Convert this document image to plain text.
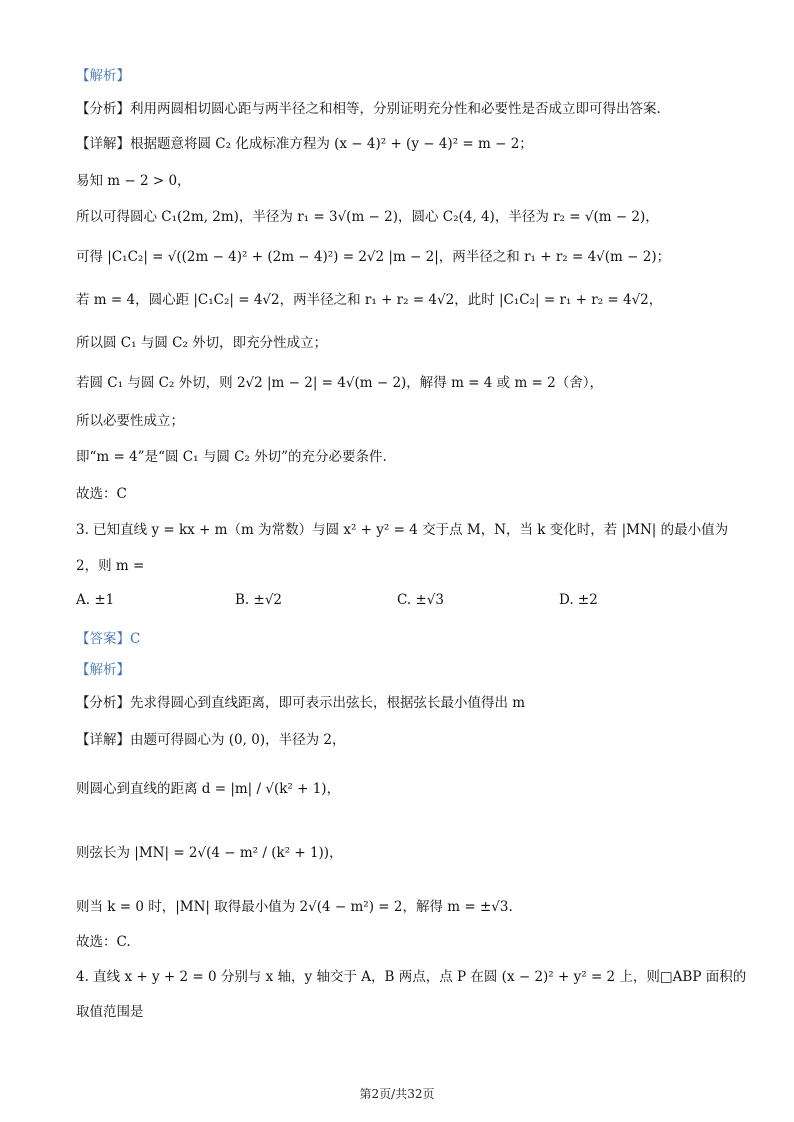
【解析】
【分析】利用两圆相切圆心距与两半径之和相等，分别证明充分性和必要性是否成立即可得出答案.
【详解】根据题意将圆 C₂ 化成标准方程为 (x − 4)² + (y − 4)² = m − 2；
易知 m − 2 > 0，
所以可得圆心 C₁(2m, 2m)，半径为 r₁ = 3√(m − 2)，圆心 C₂(4, 4)，半径为 r₂ = √(m − 2)，
可得 |C₁C₂| = √((2m − 4)² + (2m − 4)²) = 2√2 |m − 2|，两半径之和 r₁ + r₂ = 4√(m − 2)；
若 m = 4，圆心距 |C₁C₂| = 4√2，两半径之和 r₁ + r₂ = 4√2，此时 |C₁C₂| = r₁ + r₂ = 4√2，
所以圆 C₁ 与圆 C₂ 外切，即充分性成立；
若圆 C₁ 与圆 C₂ 外切，则 2√2 |m − 2| = 4√(m − 2)，解得 m = 4 或 m = 2（舍），
所以必要性成立；
即“m = 4”是“圆 C₁ 与圆 C₂ 外切”的充分必要条件.
故选：C
3. 已知直线 y = kx + m（m 为常数）与圆 x² + y² = 4 交于点 M，N，当 k 变化时，若 |MN| 的最小值为
2，则 m =
A. ±1	B. ±√2	C. ±√3	D. ±2
【答案】C
【解析】
【分析】先求得圆心到直线距离，即可表示出弦长，根据弦长最小值得出 m
【详解】由题可得圆心为 (0, 0)，半径为 2，
则圆心到直线的距离 d = |m| / √(k² + 1)，
则弦长为 |MN| = 2√(4 − m² / (k² + 1))，
则当 k = 0 时，|MN| 取得最小值为 2√(4 − m²) = 2，解得 m = ±√3.
故选：C.
4. 直线 x + y + 2 = 0 分别与 x 轴，y 轴交于 A，B 两点，点 P 在圆 (x − 2)² + y² = 2 上，则□ABP 面积的
取值范围是
第2页/共32页
